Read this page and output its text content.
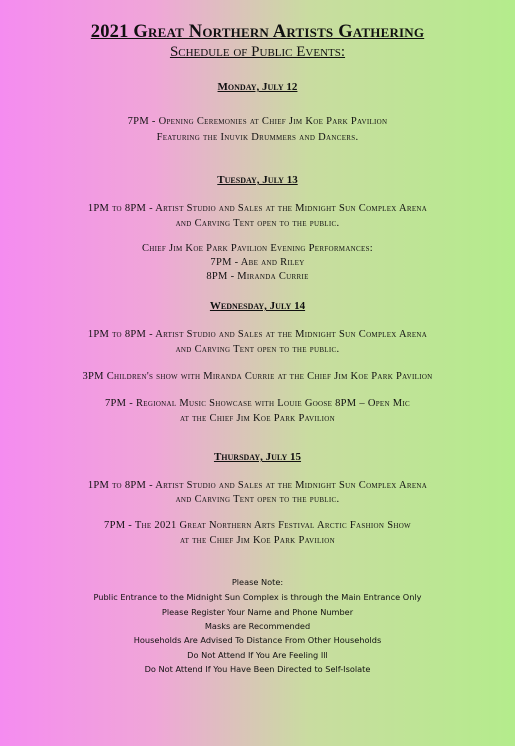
2021 Great Northern Artists Gathering
Schedule of Public Events:
Monday, July 12
7PM - Opening Ceremonies at Chief Jim Koe Park Pavilion
Featuring the Inuvik Drummers and Dancers.
Tuesday, July 13
1PM to 8PM - Artist Studio and Sales at the Midnight Sun Complex Arena
and Carving Tent open to the public.
Chief Jim Koe Park Pavilion Evening Performances:
7PM - Abe and Riley
8PM - Miranda Currie
Wednesday, July 14
1PM to 8PM - Artist Studio and Sales at the Midnight Sun Complex Arena
and Carving Tent open to the public.
3PM Children's show with Miranda Currie at the Chief Jim Koe Park Pavilion
7PM - Regional Music Showcase with Louie Goose 8PM – Open Mic
at the Chief Jim Koe Park Pavilion
Thursday, July 15
1PM to 8PM - Artist Studio and Sales at the Midnight Sun Complex Arena
and Carving Tent open to the public.
7PM - The 2021 Great Northern Arts Festival Arctic Fashion Show
at the Chief Jim Koe Park Pavilion
Please Note:
Public Entrance to the Midnight Sun Complex is through the Main Entrance Only
Please Register Your Name and Phone Number
Masks are Recommended
Households Are Advised To Distance From Other Households
Do Not Attend If You Are Feeling Ill
Do Not Attend If You Have Been Directed to Self-Isolate
